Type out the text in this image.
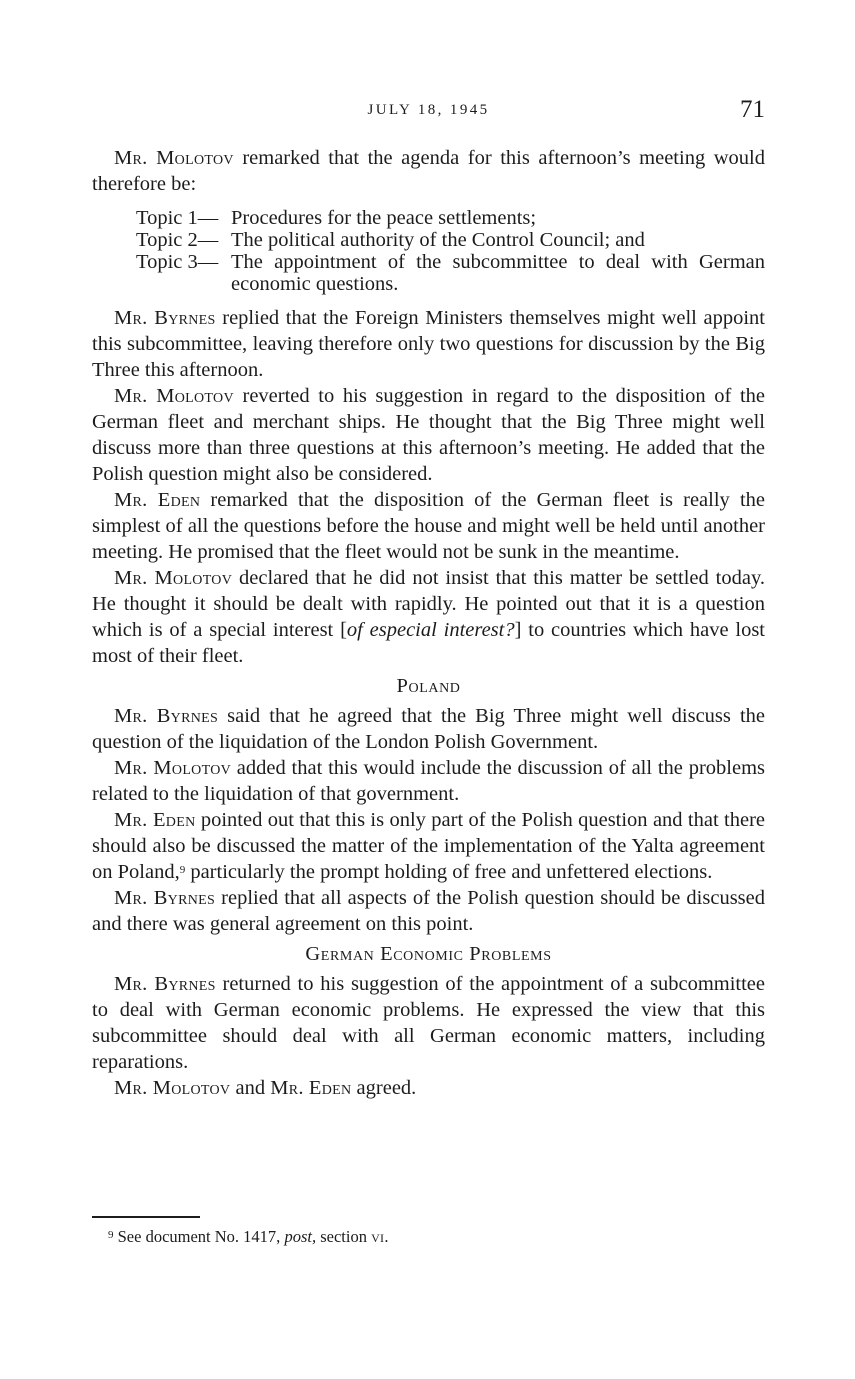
JULY 18, 1945	71

Mr. Molotov remarked that the agenda for this afternoon’s meeting would therefore be:

Topic 1— Procedures for the peace settlements;
Topic 2— The political authority of the Control Council; and
Topic 3— The appointment of the subcommittee to deal with German economic questions.

Mr. Byrnes replied that the Foreign Ministers themselves might well appoint this subcommittee, leaving therefore only two questions for discussion by the Big Three this afternoon.

Mr. Molotov reverted to his suggestion in regard to the disposition of the German fleet and merchant ships. He thought that the Big Three might well discuss more than three questions at this afternoon’s meeting. He added that the Polish question might also be considered.

Mr. Eden remarked that the disposition of the German fleet is really the simplest of all the questions before the house and might well be held until another meeting. He promised that the fleet would not be sunk in the meantime.

Mr. Molotov declared that he did not insist that this matter be settled today. He thought it should be dealt with rapidly. He pointed out that it is a question which is of a special interest [of especial interest?] to countries which have lost most of their fleet.

Poland

Mr. Byrnes said that he agreed that the Big Three might well discuss the question of the liquidation of the London Polish Government.

Mr. Molotov added that this would include the discussion of all the problems related to the liquidation of that government.

Mr. Eden pointed out that this is only part of the Polish question and that there should also be discussed the matter of the implementation of the Yalta agreement on Poland,$^9$ particularly the prompt holding of free and unfettered elections.

Mr. Byrnes replied that all aspects of the Polish question should be discussed and there was general agreement on this point.

German Economic Problems

Mr. Byrnes returned to his suggestion of the appointment of a subcommittee to deal with German economic problems. He expressed the view that this subcommittee should deal with all German economic matters, including reparations.

Mr. Molotov and Mr. Eden agreed.

$^9$ See document No. 1417, post, section vi.
